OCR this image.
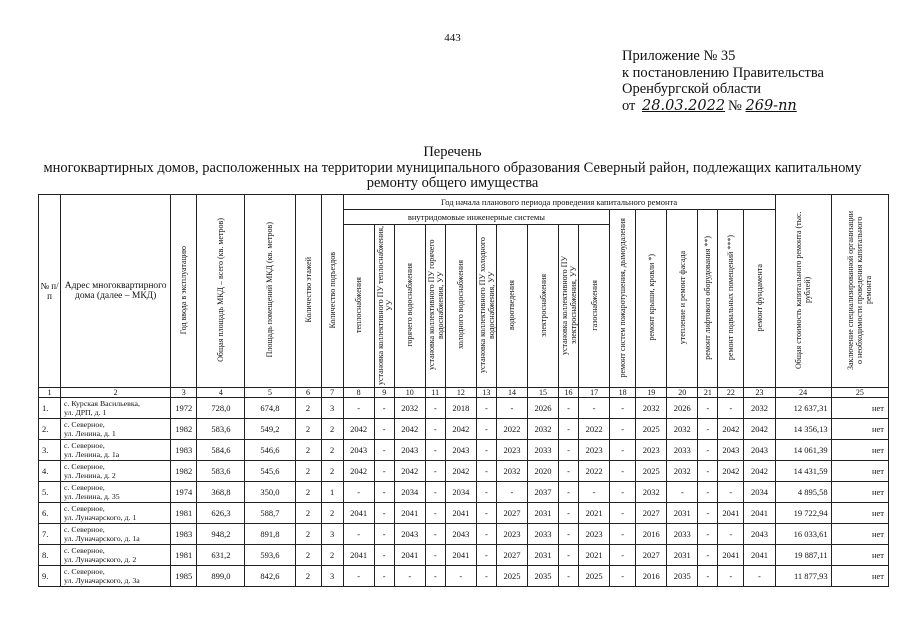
443
Приложение № 35
к постановлению Правительства
Оренбургской области
от 28.03.2022 № 269-пп
Перечень
многоквартирных домов, расположенных на территории муниципального образования Северный район, подлежащих капитальному ремонту общего имущества
№ п/п	Адрес многоквартирного дома (далее – МКД)	Год ввода в эксплуатацию	Общая площадь МКД – всего (кв. метров)	Площадь помещений МКД (кв. метров)	Количество этажей	Количество подъездов	Год начала планового периода проведения капитального ремонта																Общая стоимость капитального ремонта (тыс. рублей)	Заключение специализированной организации о необходимости проведения капитального ремонта
							внутридомовые инженерные системы										ремонт систем пожаротушения, дымоудаления	ремонт крыши, кровли *)	утепление и ремонт фасада	ремонт лифтового оборудования **)	ремонт подвальных помещений ***)	ремонт фундамента		
							теплоснабжения	установка коллективного ПУ теплоснабжения, УУ	горячего водоснабжения	установка коллективного ПУ горячего водоснабжения, УУ	холодного водоснабжения	установка коллективного ПУ холодного водоснабжения, УУ	водоотведения	электроснабжения	установка коллективного ПУ электроснабжения, УУ	газоснабжения								
1	2	3	4	5	6	7	8	9	10	11	12	13	14	15	16	17	18	19	20	21	22	23	24	25
1.	с. Курская Васильевка,
ул. ДРП, д. 1	1972	728,0	674,8	2	3	-	-	2032	-	2018	-	-	2026	-	-	-	2032	2026	-	-	2032	12 637,31	нет
2.	с. Северное,
ул. Ленина, д. 1	1982	583,6	549,2	2	2	2042	-	2042	-	2042	-	2022	2032	-	2022	-	2025	2032	-	2042	2042	14 356,13	нет
3.	с. Северное,
ул. Ленина, д. 1а	1983	584,6	546,6	2	2	2043	-	2043	-	2043	-	2023	2033	-	2023	-	2023	2033	-	2043	2043	14 061,39	нет
4.	с. Северное,
ул. Ленина, д. 2	1982	583,6	545,6	2	2	2042	-	2042	-	2042	-	2032	2020	-	2022	-	2025	2032	-	2042	2042	14 431,59	нет
5.	с. Северное,
ул. Ленина, д. 35	1974	368,8	350,0	2	1	-	-	2034	-	2034	-	-	2037	-	-	-	2032	-	-	-	2034	4 895,58	нет
6.	с. Северное,
ул. Луначарского, д. 1	1981	626,3	588,7	2	2	2041	-	2041	-	2041	-	2027	2031	-	2021	-	2027	2031	-	2041	2041	19 722,94	нет
7.	с. Северное,
ул. Луначарского, д. 1а	1983	948,2	891,8	2	3	-	-	2043	-	2043	-	2023	2033	-	2023	-	2016	2033	-	-	2043	16 033,61	нет
8.	с. Северное,
ул. Луначарского, д. 2	1981	631,2	593,6	2	2	2041	-	2041	-	2041	-	2027	2031	-	2021	-	2027	2031	-	2041	2041	19 887,11	нет
9.	с. Северное,
ул. Луначарского, д. 3а	1985	899,0	842,6	2	3	-	-	-	-	-	-	2025	2035	-	2025	-	2016	2035	-	-	-	11 877,93	нет
